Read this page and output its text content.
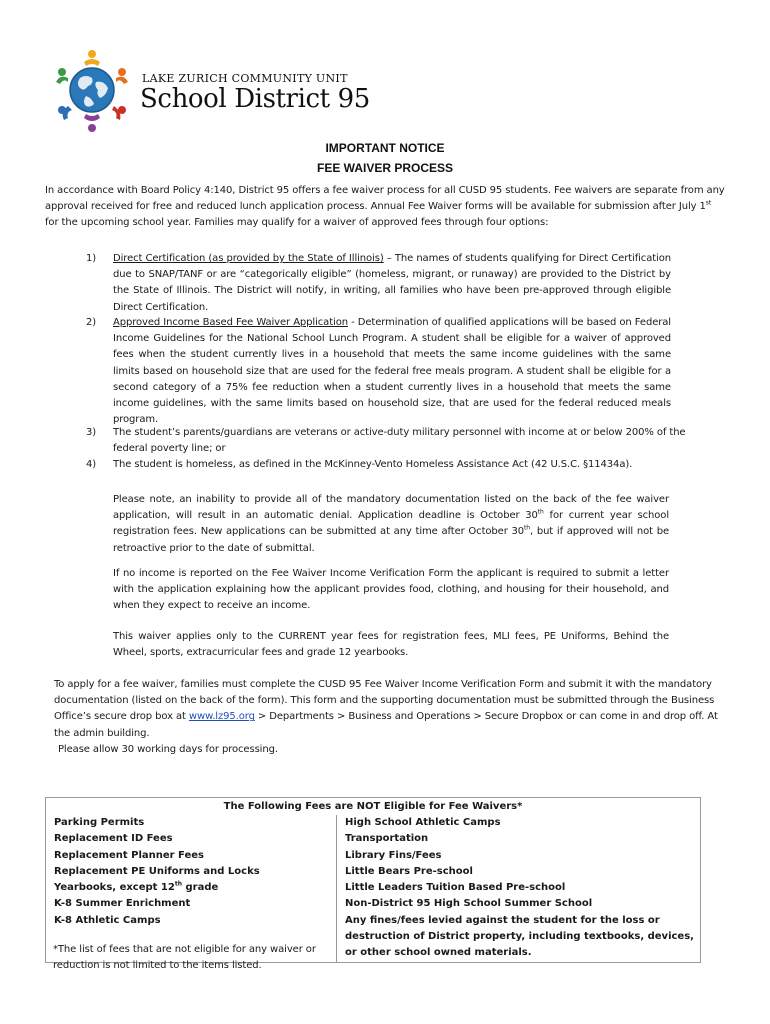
LAKE ZURICH COMMUNITY UNIT
School District 95
IMPORTANT NOTICE
FEE WAIVER PROCESS
In accordance with Board Policy 4:140, District 95 offers a fee waiver process for all CUSD 95 students. Fee waivers are separate from any approval received for free and reduced lunch application process. Annual Fee Waiver forms will be available for submission after July 1st for the upcoming school year. Families may qualify for a waiver of approved fees through four options:
1) Direct Certification (as provided by the State of Illinois) – The names of students qualifying for Direct Certification due to SNAP/TANF or are “categorically eligible” (homeless, migrant, or runaway) are provided to the District by the State of Illinois. The District will notify, in writing, all families who have been pre-approved through eligible Direct Certification.
2) Approved Income Based Fee Waiver Application - Determination of qualified applications will be based on Federal Income Guidelines for the National School Lunch Program. A student shall be eligible for a waiver of approved fees when the student currently lives in a household that meets the same income guidelines with the same limits based on household size that are used for the federal free meals program. A student shall be eligible for a second category of a 75% fee reduction when a student currently lives in a household that meets the same income guidelines, with the same limits based on household size, that are used for the federal reduced meals program.
3) The student’s parents/guardians are veterans or active-duty military personnel with income at or below 200% of the federal poverty line; or
4) The student is homeless, as defined in the McKinney-Vento Homeless Assistance Act (42 U.S.C. §11434a).
Please note, an inability to provide all of the mandatory documentation listed on the back of the fee waiver application, will result in an automatic denial. Application deadline is October 30th for current year school registration fees. New applications can be submitted at any time after October 30th, but if approved will not be retroactive prior to the date of submittal.
If no income is reported on the Fee Waiver Income Verification Form the applicant is required to submit a letter with the application explaining how the applicant provides food, clothing, and housing for their household, and when they expect to receive an income.
This waiver applies only to the CURRENT year fees for registration fees, MLI fees, PE Uniforms, Behind the Wheel, sports, extracurricular fees and grade 12 yearbooks.
To apply for a fee waiver, families must complete the CUSD 95 Fee Waiver Income Verification Form and submit it with the mandatory documentation (listed on the back of the form). This form and the supporting documentation must be submitted through the Business Office’s secure drop box at www.lz95.org > Departments > Business and Operations > Secure Dropbox or can come in and drop off. At the admin building.
Please allow 30 working days for processing.
The Following Fees are NOT Eligible for Fee Waivers*

Parking Permits
Replacement ID Fees
Replacement Planner Fees
Replacement PE Uniforms and Locks
Yearbooks, except 12th grade
K-8 Summer Enrichment
K-8 Athletic Camps

High School Athletic Camps
Transportation
Library Fins/Fees
Little Bears Pre-school
Little Leaders Tuition Based Pre-school
Non-District 95 High School Summer School
Any fines/fees levied against the student for the loss or destruction of District property, including textbooks, devices, or other school owned materials.
*The list of fees that are not eligible for any waiver or reduction is not limited to the items listed.
